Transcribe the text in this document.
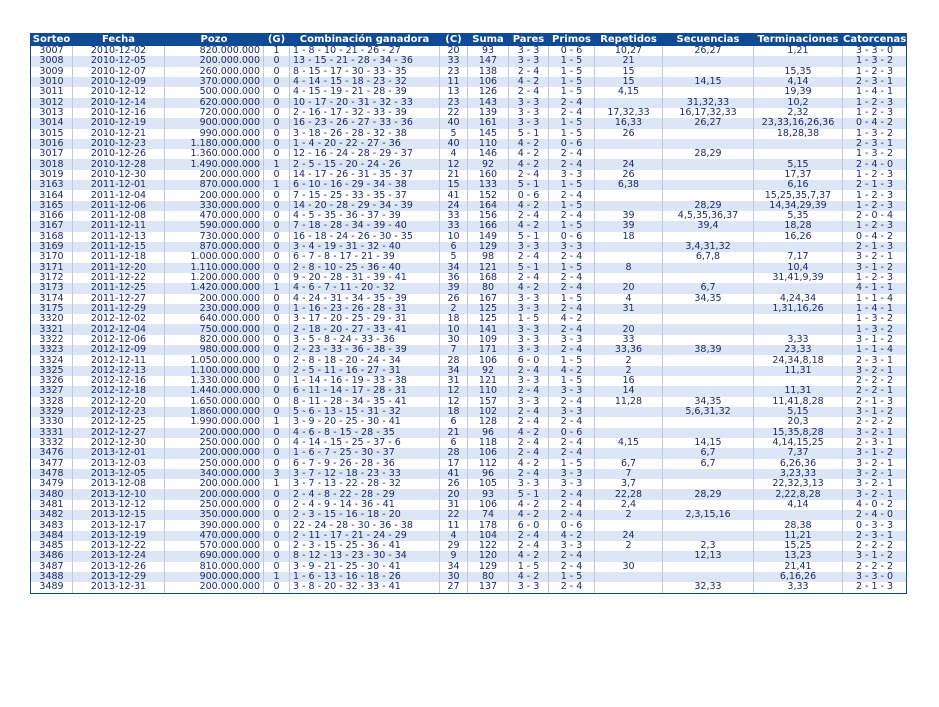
Sorteo	Fecha	Pozo	(G)	Combinación ganadora	(C)	Suma	Pares	Primos	Repetidos	Secuencias	Terminaciones	Catorcenas
3007	2010-12-02	820.000.000	1	1 - 8 - 10 - 21 - 26 - 27	20	93	3 - 3	0 - 6	10,27	26,27	1,21	3 - 3 - 0
3008	2010-12-05	200.000.000	0	13 - 15 - 21 - 28 - 34 - 36	33	147	3 - 3	1 - 5	21			1 - 3 - 2
3009	2010-12-07	260.000.000	0	8 - 15 - 17 - 30 - 33 - 35	23	138	2 - 4	1 - 5	15		15,35	1 - 2 - 3
3010	2010-12-09	370.000.000	0	4 - 14 - 15 - 18 - 23 - 32	11	106	4 - 2	1 - 5	15	14,15	4,14	2 - 3 - 1
3011	2010-12-12	500.000.000	0	4 - 15 - 19 - 21 - 28 - 39	13	126	2 - 4	1 - 5	4,15		19,39	1 - 4 - 1
3012	2010-12-14	620.000.000	0	10 - 17 - 20 - 31 - 32 - 33	23	143	3 - 3	2 - 4		31,32,33	10,2	1 - 2 - 3
3013	2010-12-16	720.000.000	0	2 - 16 - 17 - 32 - 33 - 39	22	139	3 - 3	2 - 4	17,32,33	16,17,32,33	2,32	1 - 2 - 3
3014	2010-12-19	900.000.000	0	16 - 23 - 26 - 27 - 33 - 36	40	161	3 - 3	1 - 5	16,33	26,27	23,33,16,26,36	0 - 4 - 2
3015	2010-12-21	990.000.000	0	3 - 18 - 26 - 28 - 32 - 38	5	145	5 - 1	1 - 5	26		18,28,38	1 - 3 - 2
3016	2010-12-23	1.180.000.000	0	1 - 4 - 20 - 22 - 27 - 36	40	110	4 - 2	0 - 6				2 - 3 - 1
3017	2010-12-26	1.360.000.000	0	12 - 16 - 24 - 28 - 29 - 37	4	146	4 - 2	2 - 4		28,29		1 - 3 - 2
3018	2010-12-28	1.490.000.000	1	2 - 5 - 15 - 20 - 24 - 26	12	92	4 - 2	2 - 4	24		5,15	2 - 4 - 0
3019	2010-12-30	200.000.000	0	14 - 17 - 26 - 31 - 35 - 37	21	160	2 - 4	3 - 3	26		17,37	1 - 2 - 3
3163	2011-12-01	870.000.000	1	6 - 10 - 16 - 29 - 34 - 38	15	133	5 - 1	1 - 5	6,38		6,16	2 - 1 - 3
3164	2011-12-04	200.000.000	0	7 - 15 - 25 - 33 - 35 - 37	41	152	0 - 6	2 - 4			15,25,35,7,37	1 - 2 - 3
3165	2011-12-06	330.000.000	0	14 - 20 - 28 - 29 - 34 - 39	24	164	4 - 2	1 - 5		28,29	14,34,29,39	1 - 2 - 3
3166	2011-12-08	470.000.000	0	4 - 5 - 35 - 36 - 37 - 39	33	156	2 - 4	2 - 4	39	4,5,35,36,37	5,35	2 - 0 - 4
3167	2011-12-11	590.000.000	0	7 - 18 - 28 - 34 - 39 - 40	33	166	4 - 2	1 - 5	39	39,4	18,28	1 - 2 - 3
3168	2011-12-13	730.000.000	0	16 - 18 - 24 - 26 - 30 - 35	10	149	5 - 1	0 - 6	18		16,26	0 - 4 - 2
3169	2011-12-15	870.000.000	0	3 - 4 - 19 - 31 - 32 - 40	6	129	3 - 3	3 - 3		3,4,31,32		2 - 1 - 3
3170	2011-12-18	1.000.000.000	0	6 - 7 - 8 - 17 - 21 - 39	5	98	2 - 4	2 - 4		6,7,8	7,17	3 - 2 - 1
3171	2011-12-20	1.110.000.000	0	2 - 8 - 10 - 25 - 36 - 40	34	121	5 - 1	1 - 5	8		10,4	3 - 1 - 2
3172	2011-12-22	1.200.000.000	0	9 - 20 - 28 - 31 - 39 - 41	36	168	2 - 4	2 - 4			31,41,9,39	1 - 2 - 3
3173	2011-12-25	1.420.000.000	1	4 - 6 - 7 - 11 - 20 - 32	39	80	4 - 2	2 - 4	20	6,7		4 - 1 - 1
3174	2011-12-27	200.000.000	0	4 - 24 - 31 - 34 - 35 - 39	26	167	3 - 3	1 - 5	4	34,35	4,24,34	1 - 1 - 4
3175	2011-12-29	230.000.000	0	1 - 16 - 23 - 26 - 28 - 31	2	125	3 - 3	2 - 4	31		1,31,16,26	1 - 4 - 1
3320	2012-12-02	640.000.000	0	3 - 17 - 20 - 25 - 29 - 31	18	125	1 - 5	4 - 2				1 - 3 - 2
3321	2012-12-04	750.000.000	0	2 - 18 - 20 - 27 - 33 - 41	10	141	3 - 3	2 - 4	20			1 - 3 - 2
3322	2012-12-06	820.000.000	0	3 - 5 - 8 - 24 - 33 - 36	30	109	3 - 3	3 - 3	33		3,33	3 - 1 - 2
3323	2012-12-09	980.000.000	0	2 - 23 - 33 - 36 - 38 - 39	7	171	3 - 3	2 - 4	33,36	38,39	23,33	1 - 1 - 4
3324	2012-12-11	1.050.000.000	0	2 - 8 - 18 - 20 - 24 - 34	28	106	6 - 0	1 - 5	2		24,34,8,18	2 - 3 - 1
3325	2012-12-13	1.100.000.000	0	2 - 5 - 11 - 16 - 27 - 31	34	92	2 - 4	4 - 2	2		11,31	3 - 2 - 1
3326	2012-12-16	1.330.000.000	0	1 - 14 - 16 - 19 - 33 - 38	31	121	3 - 3	1 - 5	16			2 - 2 - 2
3327	2012-12-18	1.440.000.000	0	6 - 11 - 14 - 17 - 28 - 31	12	110	2 - 4	3 - 3	14		11,31	2 - 2 - 1
3328	2012-12-20	1.650.000.000	0	8 - 11 - 28 - 34 - 35 - 41	12	157	3 - 3	2 - 4	11,28	34,35	11,41,8,28	2 - 1 - 3
3329	2012-12-23	1.860.000.000	0	5 - 6 - 13 - 15 - 31 - 32	18	102	2 - 4	3 - 3		5,6,31,32	5,15	3 - 1 - 2
3330	2012-12-25	1.990.000.000	1	3 - 9 - 20 - 25 - 30 - 41	6	128	2 - 4	2 - 4			20,3	2 - 2 - 2
3331	2012-12-27	200.000.000	0	4 - 6 - 8 - 15 - 28 - 35	21	96	4 - 2	0 - 6			15,35,8,28	3 - 2 - 1
3332	2012-12-30	250.000.000	0	4 - 14 - 15 - 25 - 37 - 6	6	118	2 - 4	2 - 4	4,15	14,15	4,14,15,25	2 - 3 - 1
3476	2013-12-01	200.000.000	0	1 - 6 - 7 - 25 - 30 - 37	28	106	2 - 4	2 - 4		6,7	7,37	3 - 1 - 2
3477	2013-12-03	250.000.000	0	6 - 7 - 9 - 26 - 28 - 36	17	112	4 - 2	1 - 5	6,7	6,7	6,26,36	3 - 2 - 1
3478	2013-12-05	340.000.000	3	3 - 7 - 12 - 18 - 23 - 33	41	96	2 - 4	3 - 3	7		3,23,33	3 - 2 - 1
3479	2013-12-08	200.000.000	1	3 - 7 - 13 - 22 - 28 - 32	26	105	3 - 3	3 - 3	3,7		22,32,3,13	3 - 2 - 1
3480	2013-12-10	200.000.000	0	2 - 4 - 8 - 22 - 28 - 29	20	93	5 - 1	2 - 4	22,28	28,29	2,22,8,28	3 - 2 - 1
3481	2013-12-12	250.000.000	0	2 - 4 - 9 - 14 - 36 - 41	31	106	4 - 2	2 - 4	2,4		4,14	4 - 0 - 2
3482	2013-12-15	350.000.000	0	2 - 3 - 15 - 16 - 18 - 20	22	74	4 - 2	2 - 4	2	2,3,15,16		2 - 4 - 0
3483	2013-12-17	390.000.000	0	22 - 24 - 28 - 30 - 36 - 38	11	178	6 - 0	0 - 6			28,38	0 - 3 - 3
3484	2013-12-19	470.000.000	0	2 - 11 - 17 - 21 - 24 - 29	4	104	2 - 4	4 - 2	24		11,21	2 - 3 - 1
3485	2013-12-22	570.000.000	0	2 - 3 - 15 - 25 - 36 - 41	29	122	2 - 4	3 - 3	2	2,3	15,25	2 - 2 - 2
3486	2013-12-24	690.000.000	0	8 - 12 - 13 - 23 - 30 - 34	9	120	4 - 2	2 - 4		12,13	13,23	3 - 1 - 2
3487	2013-12-26	810.000.000	0	3 - 9 - 21 - 25 - 30 - 41	34	129	1 - 5	2 - 4	30		21,41	2 - 2 - 2
3488	2013-12-29	900.000.000	1	1 - 6 - 13 - 16 - 18 - 26	30	80	4 - 2	1 - 5			6,16,26	3 - 3 - 0
3489	2013-12-31	200.000.000	0	3 - 8 - 20 - 32 - 33 - 41	27	137	3 - 3	2 - 4		32,33	3,33	2 - 1 - 3
